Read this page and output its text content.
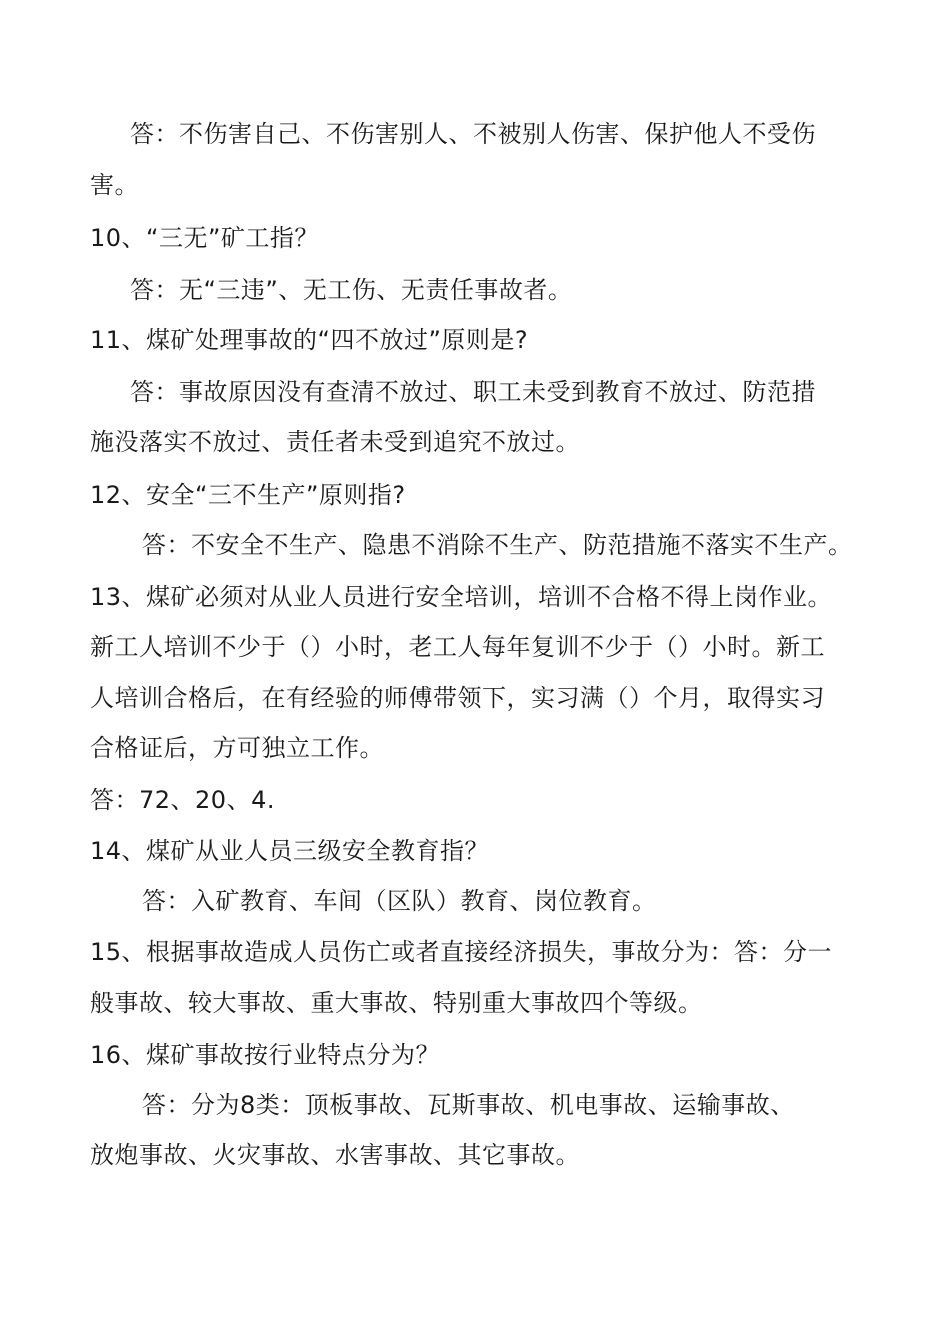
答：不伤害自己、不伤害别人、不被别人伤害、保护他人不受伤
害。
10、“三无”矿工指？
答：无“三违”、无工伤、无责任事故者。
11、煤矿处理事故的“四不放过”原则是?
答：事故原因没有查清不放过、职工未受到教育不放过、防范措
施没落实不放过、责任者未受到追究不放过。
12、安全“三不生产”原则指?
答：不安全不生产、隐患不消除不生产、防范措施不落实不生产。
13、煤矿必须对从业人员进行安全培训，培训不合格不得上岗作业。
新工人培训不少于（）小时，老工人每年复训不少于（）小时。新工
人培训合格后，在有经验的师傅带领下，实习满（）个月，取得实习
合格证后，方可独立工作。
答：72、20、4.
14、煤矿从业人员三级安全教育指？
答：入矿教育、车间（区队）教育、岗位教育。
15、根据事故造成人员伤亡或者直接经济损失，事故分为：答：分一
般事故、较大事故、重大事故、特别重大事故四个等级。
16、煤矿事故按行业特点分为？
答：分为8类：顶板事故、瓦斯事故、机电事故、运输事故、
放炮事故、火灾事故、水害事故、其它事故。
